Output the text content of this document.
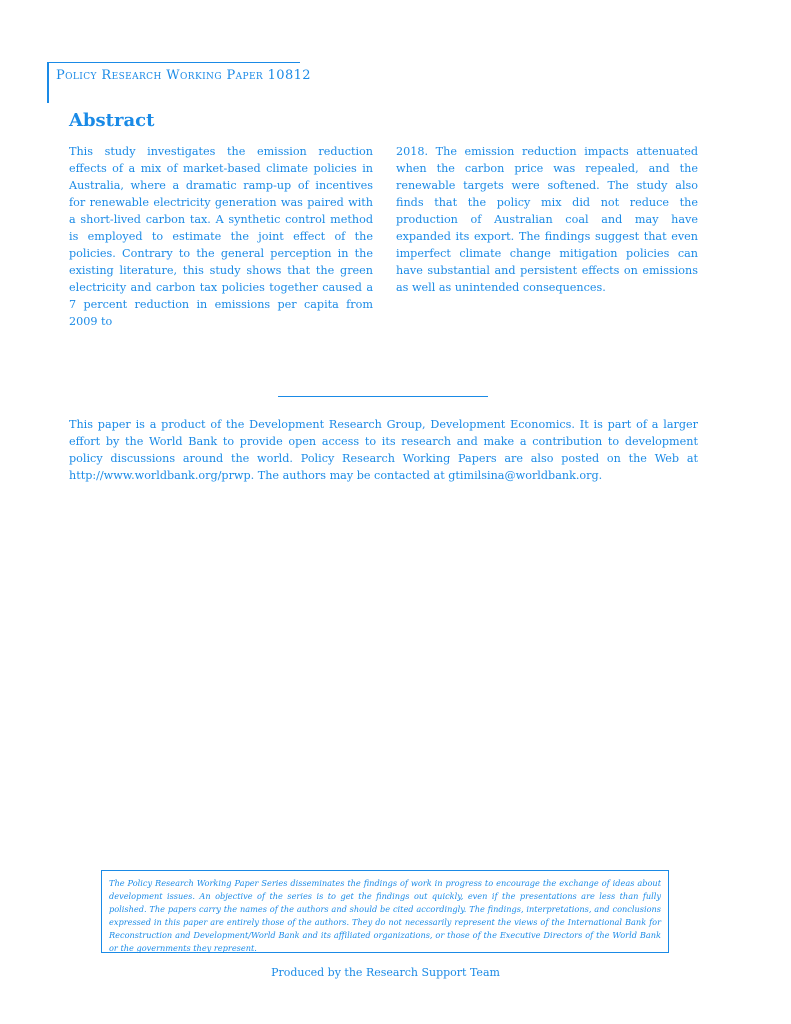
Policy Research Working Paper 10812
Abstract

This study investigates the emission reduction effects of a mix of market-based climate policies in Australia, where a dramatic ramp-up of incentives for renewable electricity generation was paired with a short-lived carbon tax. A synthetic control method is employed to estimate the joint effect of the policies. Contrary to the general perception in the existing literature, this study shows that the green electricity and carbon tax policies together caused a 7 percent reduction in emissions per capita from 2009 to

2018. The emission reduction impacts attenuated when the carbon price was repealed, and the renewable targets were softened. The study also finds that the policy mix did not reduce the production of Australian coal and may have expanded its export. The findings suggest that even imperfect climate change mitigation policies can have substantial and persistent effects on emissions as well as unintended consequences.

This paper is a product of the Development Research Group, Development Economics. It is part of a larger effort by the World Bank to provide open access to its research and make a contribution to development policy discussions around the world. Policy Research Working Papers are also posted on the Web at http://www.worldbank.org/prwp. The authors may be contacted at gtimilsina@worldbank.org.

The Policy Research Working Paper Series disseminates the findings of work in progress to encourage the exchange of ideas about development issues. An objective of the series is to get the findings out quickly, even if the presentations are less than fully polished. The papers carry the names of the authors and should be cited accordingly. The findings, interpretations, and conclusions expressed in this paper are entirely those of the authors. They do not necessarily represent the views of the International Bank for Reconstruction and Development/World Bank and its affiliated organizations, or those of the Executive Directors of the World Bank or the governments they represent.

Produced by the Research Support Team
